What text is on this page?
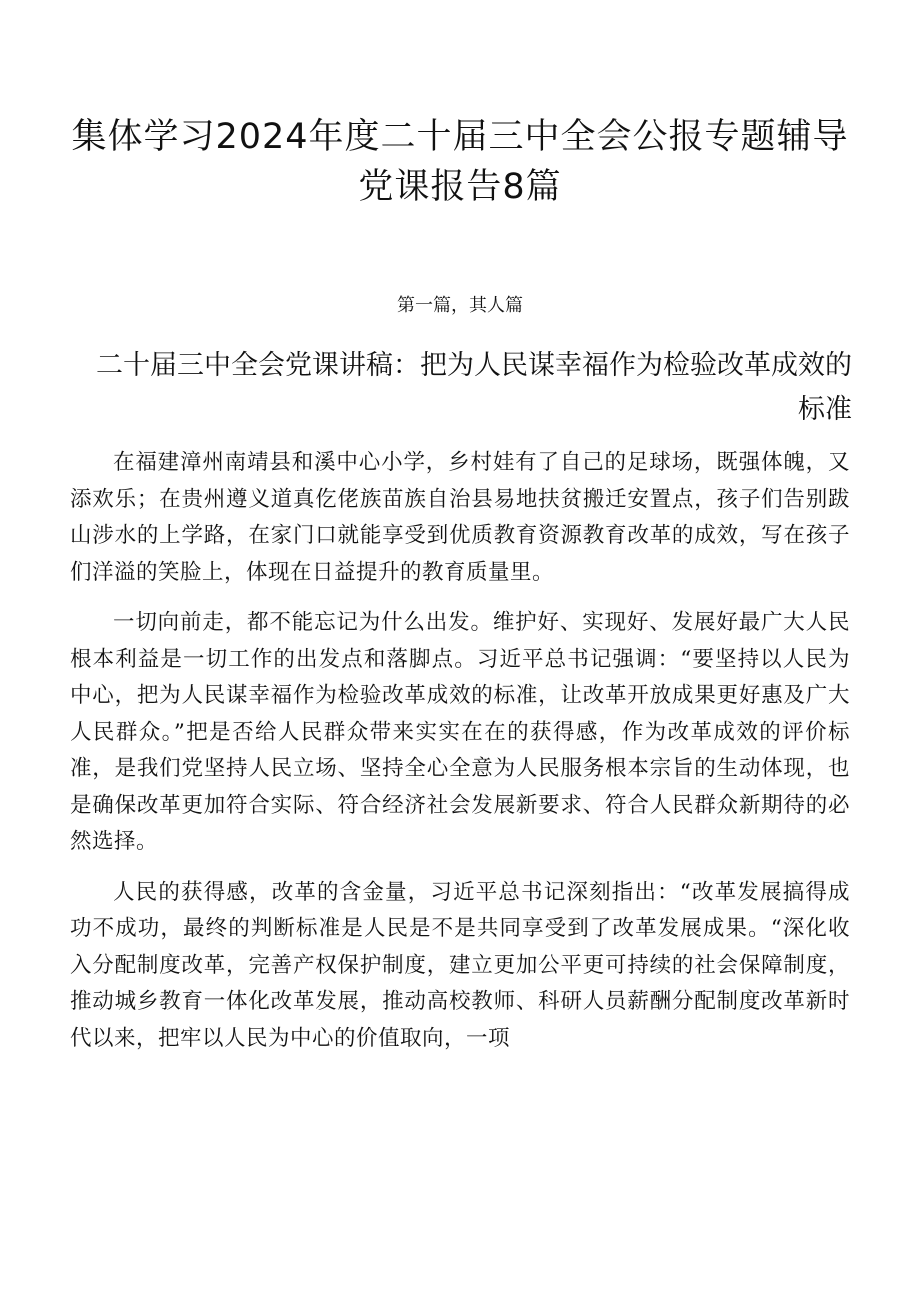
集体学习2024年度二十届三中全会公报专题辅导党课报告8篇
第一篇，其人篇
二十届三中全会党课讲稿：把为人民谋幸福作为检验改革成效的标准

在福建漳州南靖县和溪中心小学，乡村娃有了自己的足球场，既强体魄，又添欢乐；在贵州遵义道真仡佬族苗族自治县易地扶贫搬迁安置点，孩子们告别跋山涉水的上学路，在家门口就能享受到优质教育资源教育改革的成效，写在孩子们洋溢的笑脸上，体现在日益提升的教育质量里。

一切向前走，都不能忘记为什么出发。维护好、实现好、发展好最广大人民根本利益是一切工作的出发点和落脚点。习近平总书记强调：“要坚持以人民为中心，把为人民谋幸福作为检验改革成效的标准，让改革开放成果更好惠及广大人民群众。”把是否给人民群众带来实实在在的获得感，作为改革成效的评价标准，是我们党坚持人民立场、坚持全心全意为人民服务根本宗旨的生动体现，也是确保改革更加符合实际、符合经济社会发展新要求、符合人民群众新期待的必然选择。

人民的获得感，改革的含金量，习近平总书记深刻指出：“改革发展搞得成功不成功，最终的判断标准是人民是不是共同享受到了改革发展成果。“深化收入分配制度改革，完善产权保护制度，建立更加公平更可持续的社会保障制度，推动城乡教育一体化改革发展，推动高校教师、科研人员薪酬分配制度改革新时代以来，把牢以人民为中心的价值取向，一项
